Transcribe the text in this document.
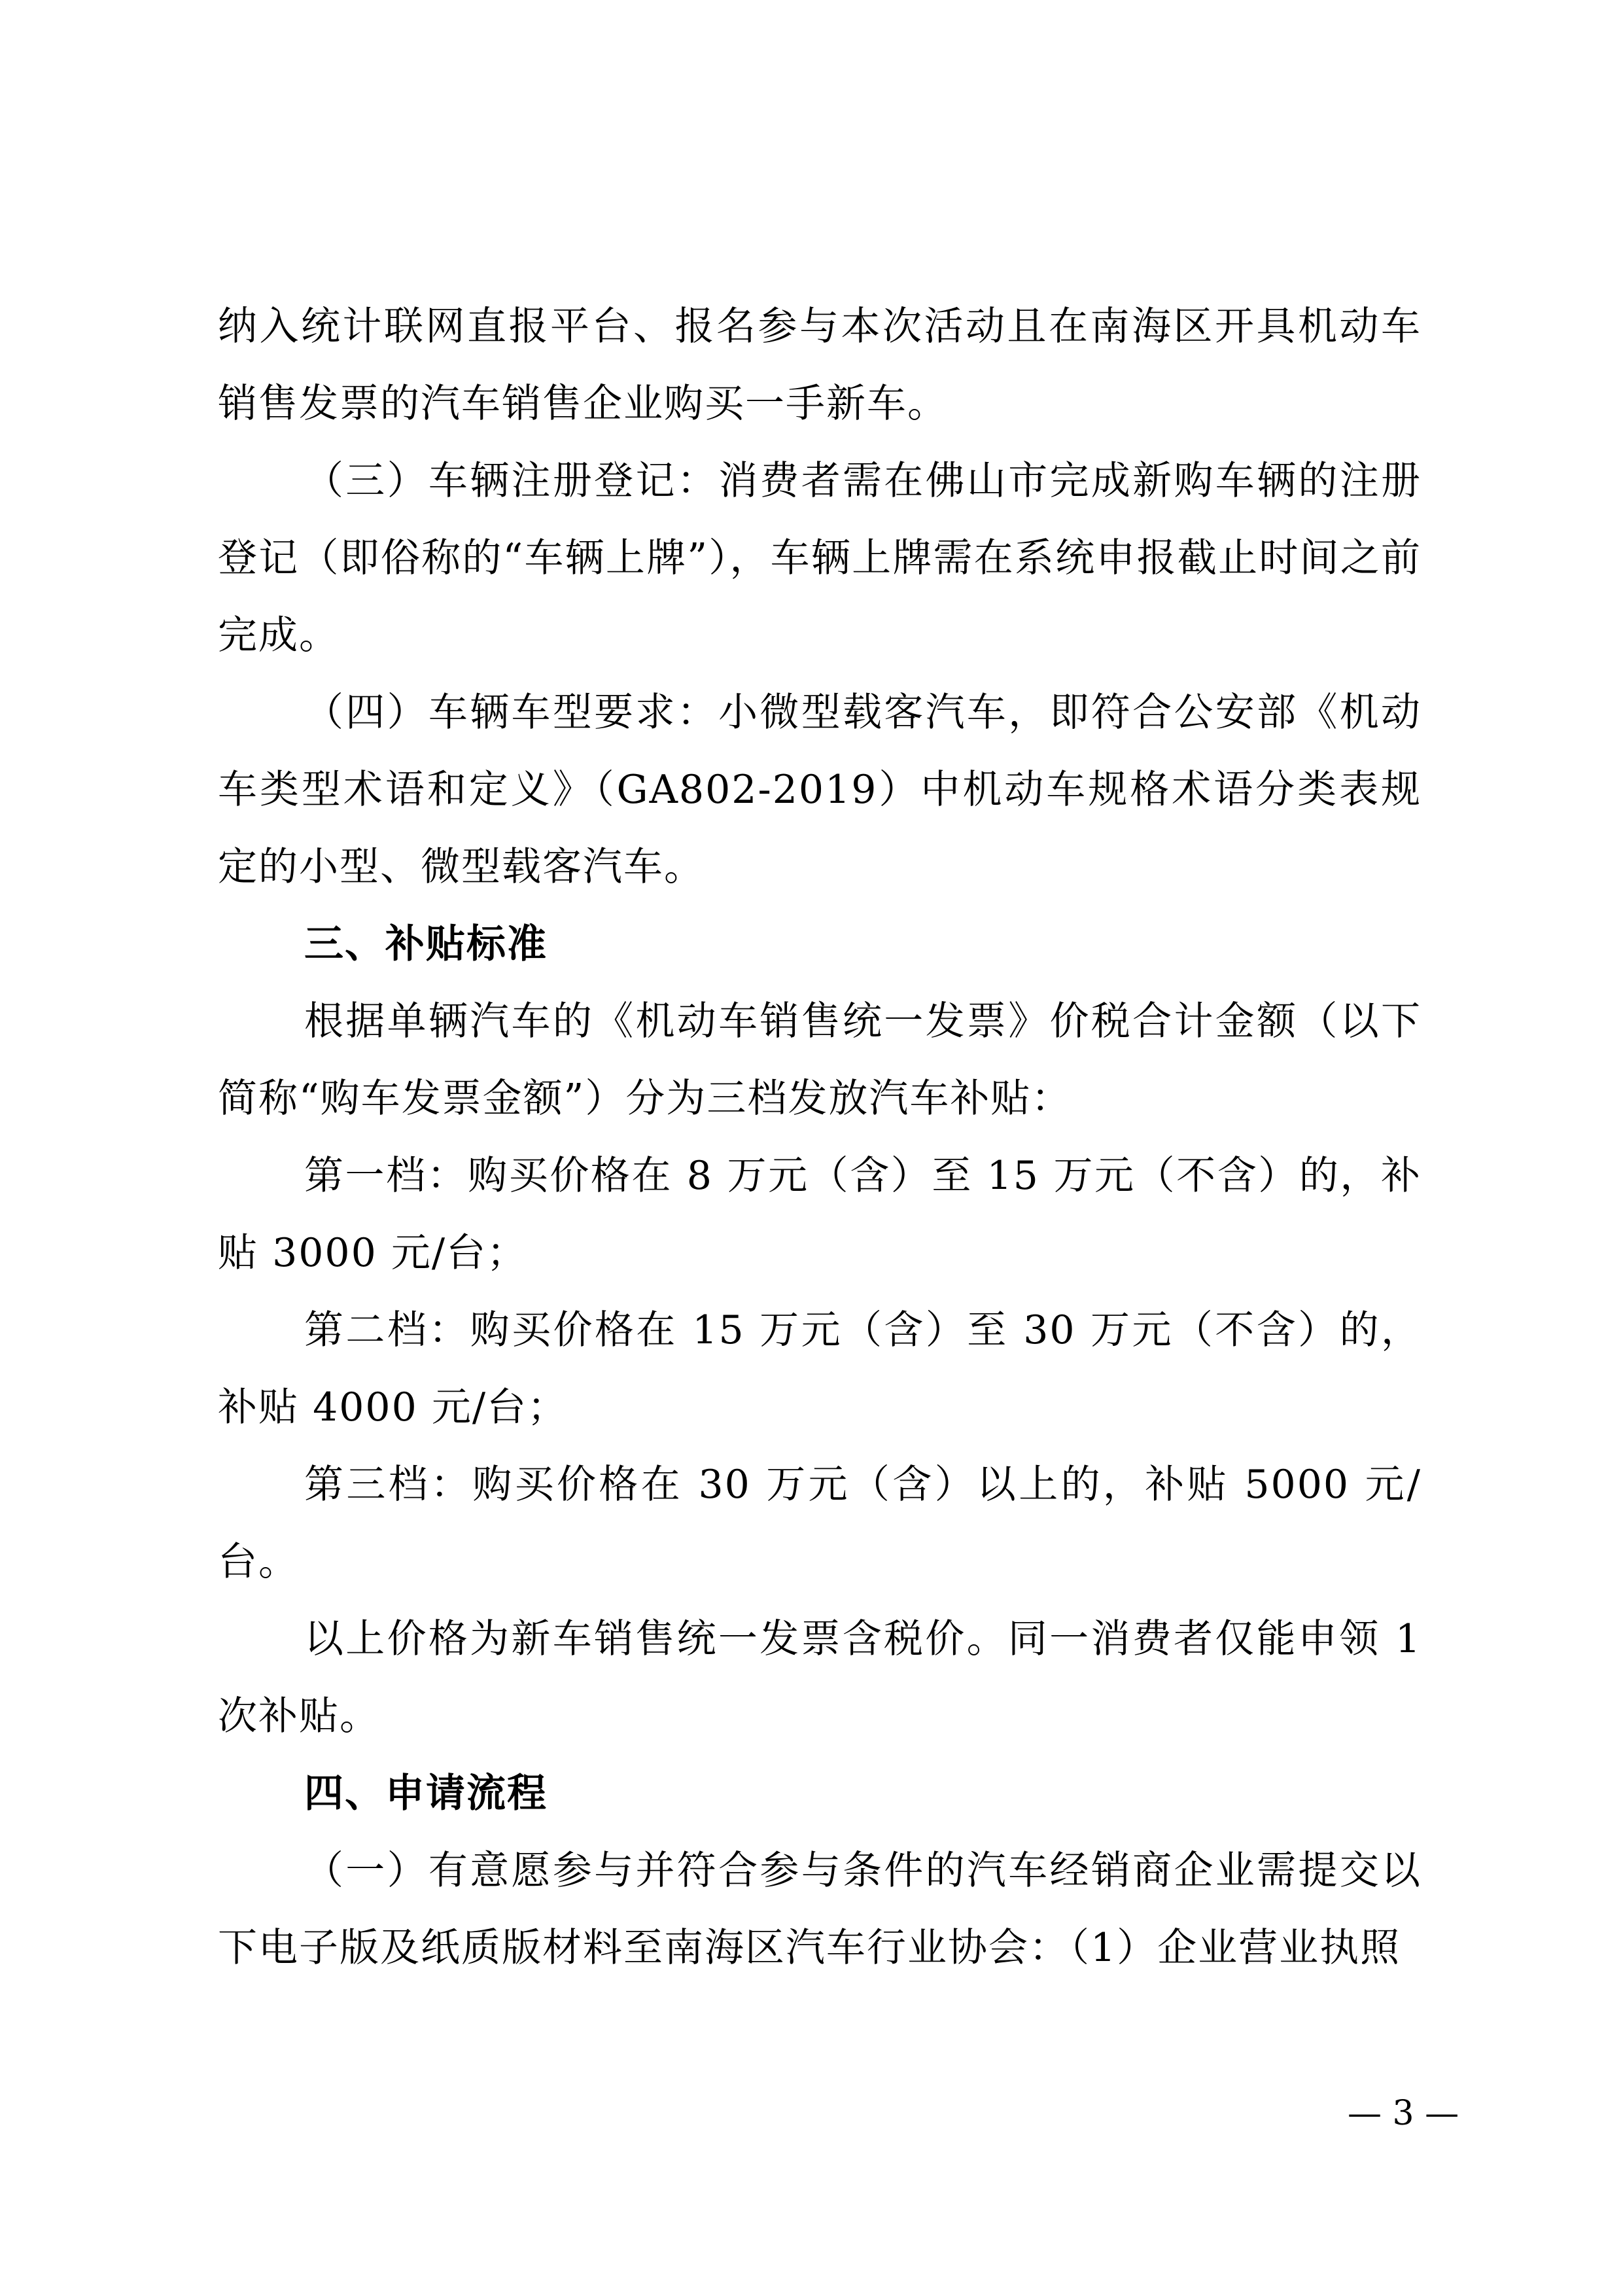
纳入统计联网直报平台、报名参与本次活动且在南海区开具机动车销售发票的汽车销售企业购买一手新车。

（三）车辆注册登记：消费者需在佛山市完成新购车辆的注册登记（即俗称的“车辆上牌”），车辆上牌需在系统申报截止时间之前完成。

（四）车辆车型要求：小微型载客汽车，即符合公安部《机动车类型术语和定义》（GA802-2019）中机动车规格术语分类表规定的小型、微型载客汽车。

三、补贴标准

根据单辆汽车的《机动车销售统一发票》价税合计金额（以下简称“购车发票金额”）分为三档发放汽车补贴：

第一档：购买价格在 8 万元（含）至 15 万元（不含）的，补贴 3000 元/台；

第二档：购买价格在 15 万元（含）至 30 万元（不含）的，补贴 4000 元/台；

第三档：购买价格在 30 万元（含）以上的，补贴 5000 元/台。

以上价格为新车销售统一发票含税价。同一消费者仅能申领 1 次补贴。

四、申请流程

（一）有意愿参与并符合参与条件的汽车经销商企业需提交以下电子版及纸质版材料至南海区汽车行业协会：（1）企业营业执照

— 3 —
